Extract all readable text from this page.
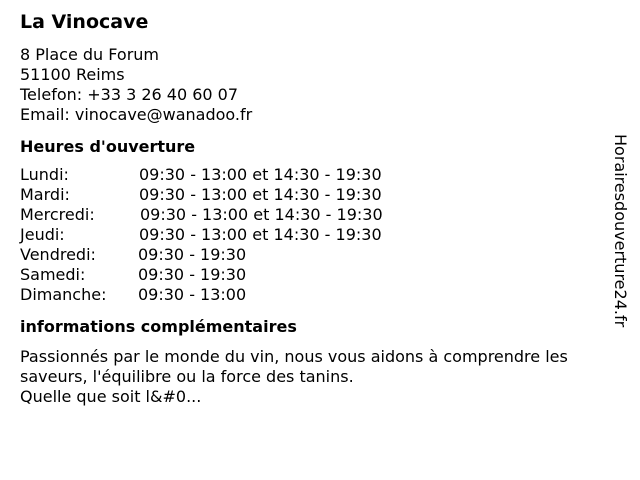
La Vinocave
8 Place du Forum
51100 Reims
Telefon: +33 3 26 40 60 07
Email: vinocave@wanadoo.fr
Heures d'ouverture
Lundi:	09:30 - 13:00 et 14:30 - 19:30
Mardi:	09:30 - 13:00 et 14:30 - 19:30
Mercredi:	09:30 - 13:00 et 14:30 - 19:30
Jeudi:	09:30 - 13:00 et 14:30 - 19:30
Vendredi:	09:30 - 19:30
Samedi:	09:30 - 19:30
Dimanche: 09:30 - 13:00
informations complémentaires
Passionnés par le monde du vin, nous vous aidons à comprendre les
saveurs, l'équilibre ou la force des tanins.
Quelle que soit l&#0...
Horairesdouverture24.fr
